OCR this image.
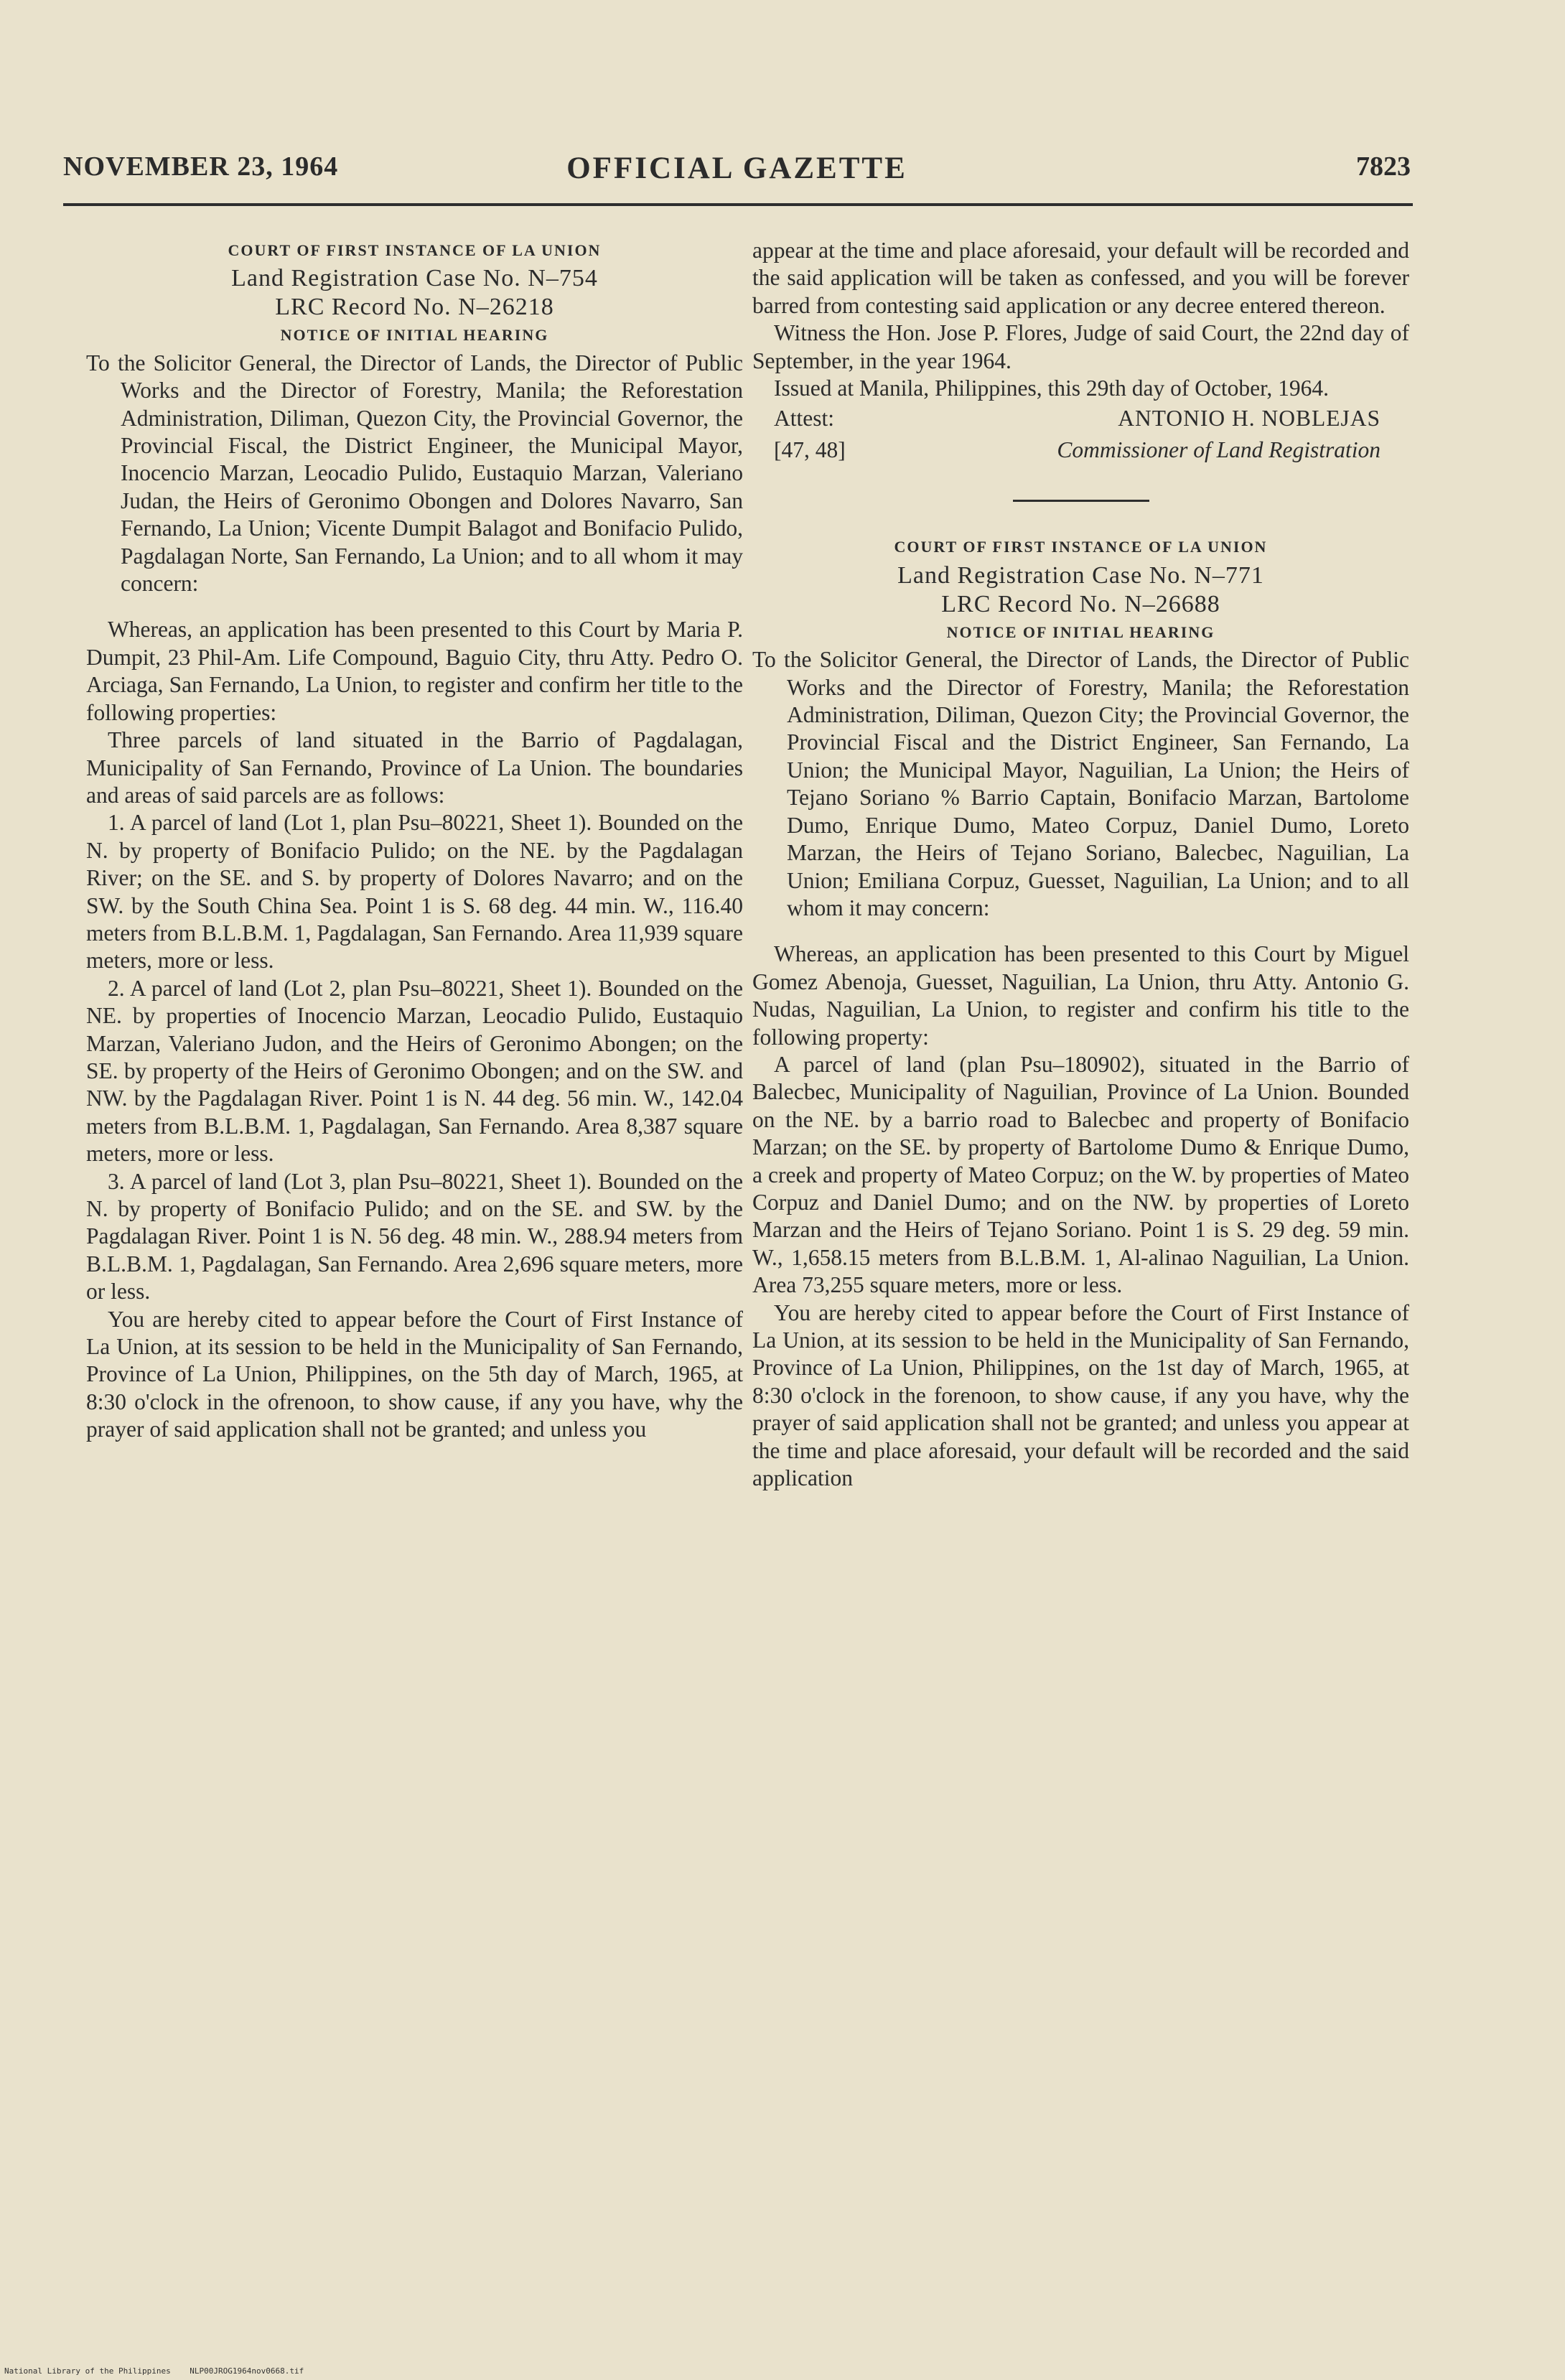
NOVEMBER 23, 1964	OFFICIAL GAZETTE	7823

COURT OF FIRST INSTANCE OF LA UNION

Land Registration Case No. N–754

LRC Record No. N–26218

NOTICE OF INITIAL HEARING

To the Solicitor General, the Director of Lands, the Director of Public Works and the Director of Forestry, Manila; the Reforestation Administration, Diliman, Quezon City, the Provincial Governor, the Provincial Fiscal, the District Engineer, the Municipal Mayor, Inocencio Marzan, Leocadio Pulido, Eustaquio Marzan, Valeriano Judan, the Heirs of Geronimo Obongen and Dolores Navarro, San Fernando, La Union; Vicente Dumpit Balagot and Bonifacio Pulido, Pagdalagan Norte, San Fernando, La Union; and to all whom it may concern:

Whereas, an application has been presented to this Court by Maria P. Dumpit, 23 Phil-Am. Life Compound, Baguio City, thru Atty. Pedro O. Arciaga, San Fernando, La Union, to register and confirm her title to the following properties:

Three parcels of land situated in the Barrio of Pagdalagan, Municipality of San Fernando, Province of La Union. The boundaries and areas of said parcels are as follows:

1. A parcel of land (Lot 1, plan Psu–80221, Sheet 1). Bounded on the N. by property of Bonifacio Pulido; on the NE. by the Pagdalagan River; on the SE. and S. by property of Dolores Navarro; and on the SW. by the South China Sea. Point 1 is S. 68 deg. 44 min. W., 116.40 meters from B.L.B.M. 1, Pagdalagan, San Fernando. Area 11,939 square meters, more or less.

2. A parcel of land (Lot 2, plan Psu–80221, Sheet 1). Bounded on the NE. by properties of Inocencio Marzan, Leocadio Pulido, Eustaquio Marzan, Valeriano Judon, and the Heirs of Geronimo Abongen; on the SE. by property of the Heirs of Geronimo Obongen; and on the SW. and NW. by the Pagdalagan River. Point 1 is N. 44 deg. 56 min. W., 142.04 meters from B.L.B.M. 1, Pagdalagan, San Fernando. Area 8,387 square meters, more or less.

3. A parcel of land (Lot 3, plan Psu–80221, Sheet 1). Bounded on the N. by property of Bonifacio Pulido; and on the SE. and SW. by the Pagdalagan River. Point 1 is N. 56 deg. 48 min. W., 288.94 meters from B.L.B.M. 1, Pagdalagan, San Fernando. Area 2,696 square meters, more or less.

You are hereby cited to appear before the Court of First Instance of La Union, at its session to be held in the Municipality of San Fernando, Province of La Union, Philippines, on the 5th day of March, 1965, at 8:30 o'clock in the ofrenoon, to show cause, if any you have, why the prayer of said application shall not be granted; and unless you

appear at the time and place aforesaid, your default will be recorded and the said application will be taken as confessed, and you will be forever barred from contesting said application or any decree entered thereon.

Witness the Hon. Jose P. Flores, Judge of said Court, the 22nd day of September, in the year 1964.

Issued at Manila, Philippines, this 29th day of October, 1964.

Attest:	ANTONIO H. NOBLEJAS
[47, 48]	Commissioner of Land Registration

COURT OF FIRST INSTANCE OF LA UNION

Land Registration Case No. N–771

LRC Record No. N–26688

NOTICE OF INITIAL HEARING

To the Solicitor General, the Director of Lands, the Director of Public Works and the Director of Forestry, Manila; the Reforestation Administration, Diliman, Quezon City; the Provincial Governor, the Provincial Fiscal and the District Engineer, San Fernando, La Union; the Municipal Mayor, Naguilian, La Union; the Heirs of Tejano Soriano % Barrio Captain, Bonifacio Marzan, Bartolome Dumo, Enrique Dumo, Mateo Corpuz, Daniel Dumo, Loreto Marzan, the Heirs of Tejano Soriano, Balecbec, Naguilian, La Union; Emiliana Corpuz, Guesset, Naguilian, La Union; and to all whom it may concern:

Whereas, an application has been presented to this Court by Miguel Gomez Abenoja, Guesset, Naguilian, La Union, thru Atty. Antonio G. Nudas, Naguilian, La Union, to register and confirm his title to the following property:

A parcel of land (plan Psu–180902), situated in the Barrio of Balecbec, Municipality of Naguilian, Province of La Union. Bounded on the NE. by a barrio road to Balecbec and property of Bonifacio Marzan; on the SE. by property of Bartolome Dumo & Enrique Dumo, a creek and property of Mateo Corpuz; on the W. by properties of Mateo Corpuz and Daniel Dumo; and on the NW. by properties of Loreto Marzan and the Heirs of Tejano Soriano. Point 1 is S. 29 deg. 59 min. W., 1,658.15 meters from B.L.B.M. 1, Al-alinao Naguilian, La Union. Area 73,255 square meters, more or less.

You are hereby cited to appear before the Court of First Instance of La Union, at its session to be held in the Municipality of San Fernando, Province of La Union, Philippines, on the 1st day of March, 1965, at 8:30 o'clock in the forenoon, to show cause, if any you have, why the prayer of said application shall not be granted; and unless you appear at the time and place aforesaid, your default will be recorded and the said application

National Library of the Philippines NLP00JROG1964nov0668.tif
